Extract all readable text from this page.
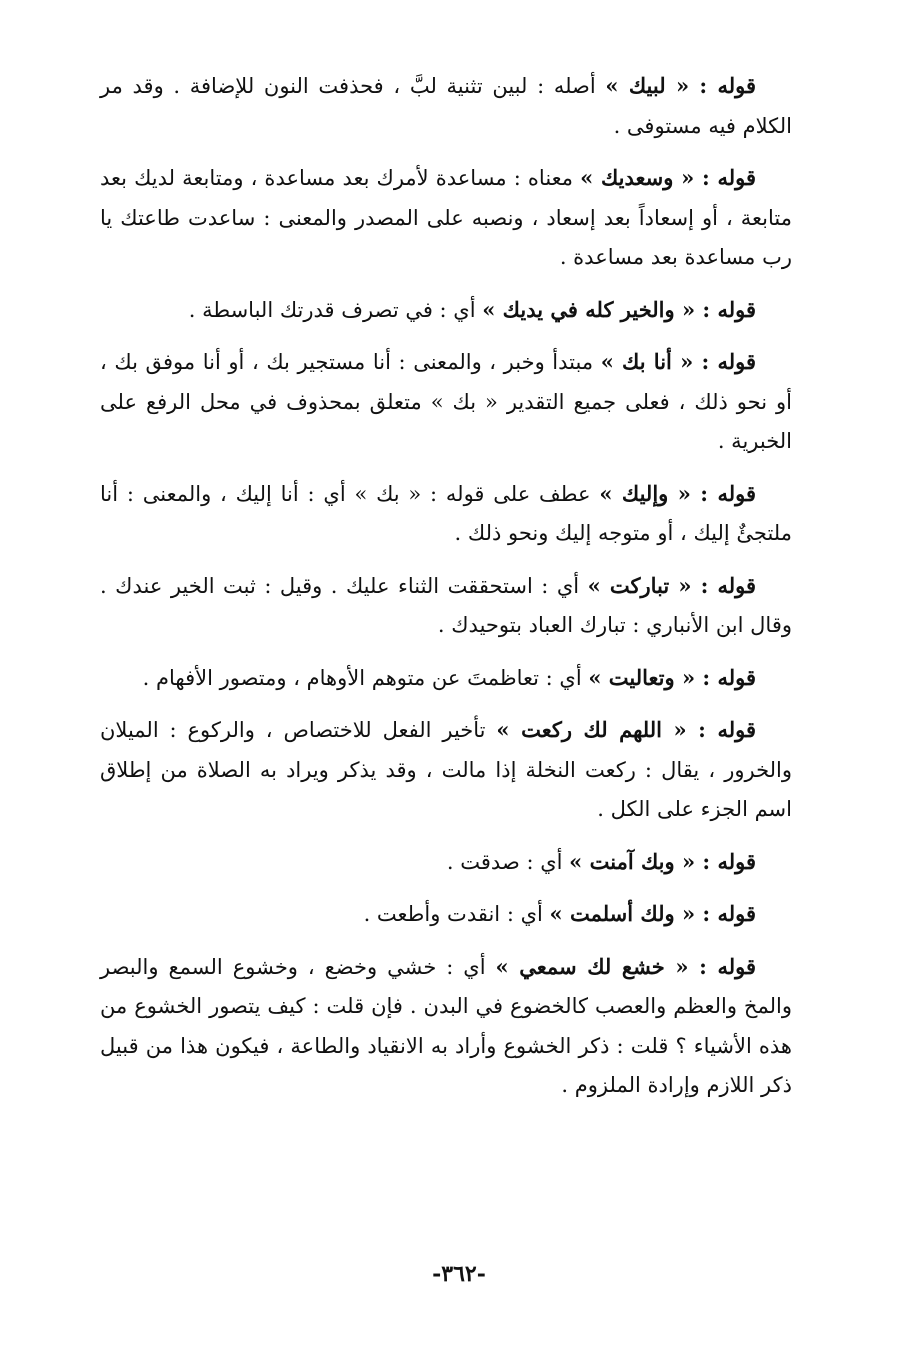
قوله : « لبيك » أصله : لبين تثنية لبَّ ، فحذفت النون للإضافة . وقد مر الكلام فيه مستوفى .

قوله : « وسعديك » معناه : مساعدة لأمرك بعد مساعدة ، ومتابعة لديك بعد متابعة ، أو إسعاداً بعد إسعاد ، ونصبه على المصدر والمعنى : ساعدت طاعتك يا رب مساعدة بعد مساعدة .

قوله : « والخير كله في يديك » أي : في تصرف قدرتك الباسطة .

قوله : « أنا بك » مبتدأ وخبر ، والمعنى : أنا مستجير بك ، أو أنا موفق بك ، أو نحو ذلك ، فعلى جميع التقدير « بك » متعلق بمحذوف في محل الرفع على الخبرية .

قوله : « وإليك » عطف على قوله : « بك » أي : أنا إليك ، والمعنى : أنا ملتجئٌ إليك ، أو متوجه إليك ونحو ذلك .

قوله : « تباركت » أي : استحققت الثناء عليك . وقيل : ثبت الخير عندك . وقال ابن الأنباري : تبارك العباد بتوحيدك .

قوله : « وتعاليت » أي : تعاظمتَ عن متوهم الأوهام ، ومتصور الأفهام .

قوله : « اللهم لك ركعت » تأخير الفعل للاختصاص ، والركوع : الميلان والخرور ، يقال : ركعت النخلة إذا مالت ، وقد يذكر ويراد به الصلاة من إطلاق اسم الجزء على الكل .

قوله : « وبك آمنت » أي : صدقت .

قوله : « ولك أسلمت » أي : انقدت وأطعت .

قوله : « خشع لك سمعي » أي : خشي وخضع ، وخشوع السمع والبصر والمخ والعظم والعصب كالخضوع في البدن . فإن قلت : كيف يتصور الخشوع من هذه الأشياء ؟ قلت : ذكر الخشوع وأراد به الانقياد والطاعة ، فيكون هذا من قبيل ذكر اللازم وإرادة الملزوم .

-٣٦٢-
